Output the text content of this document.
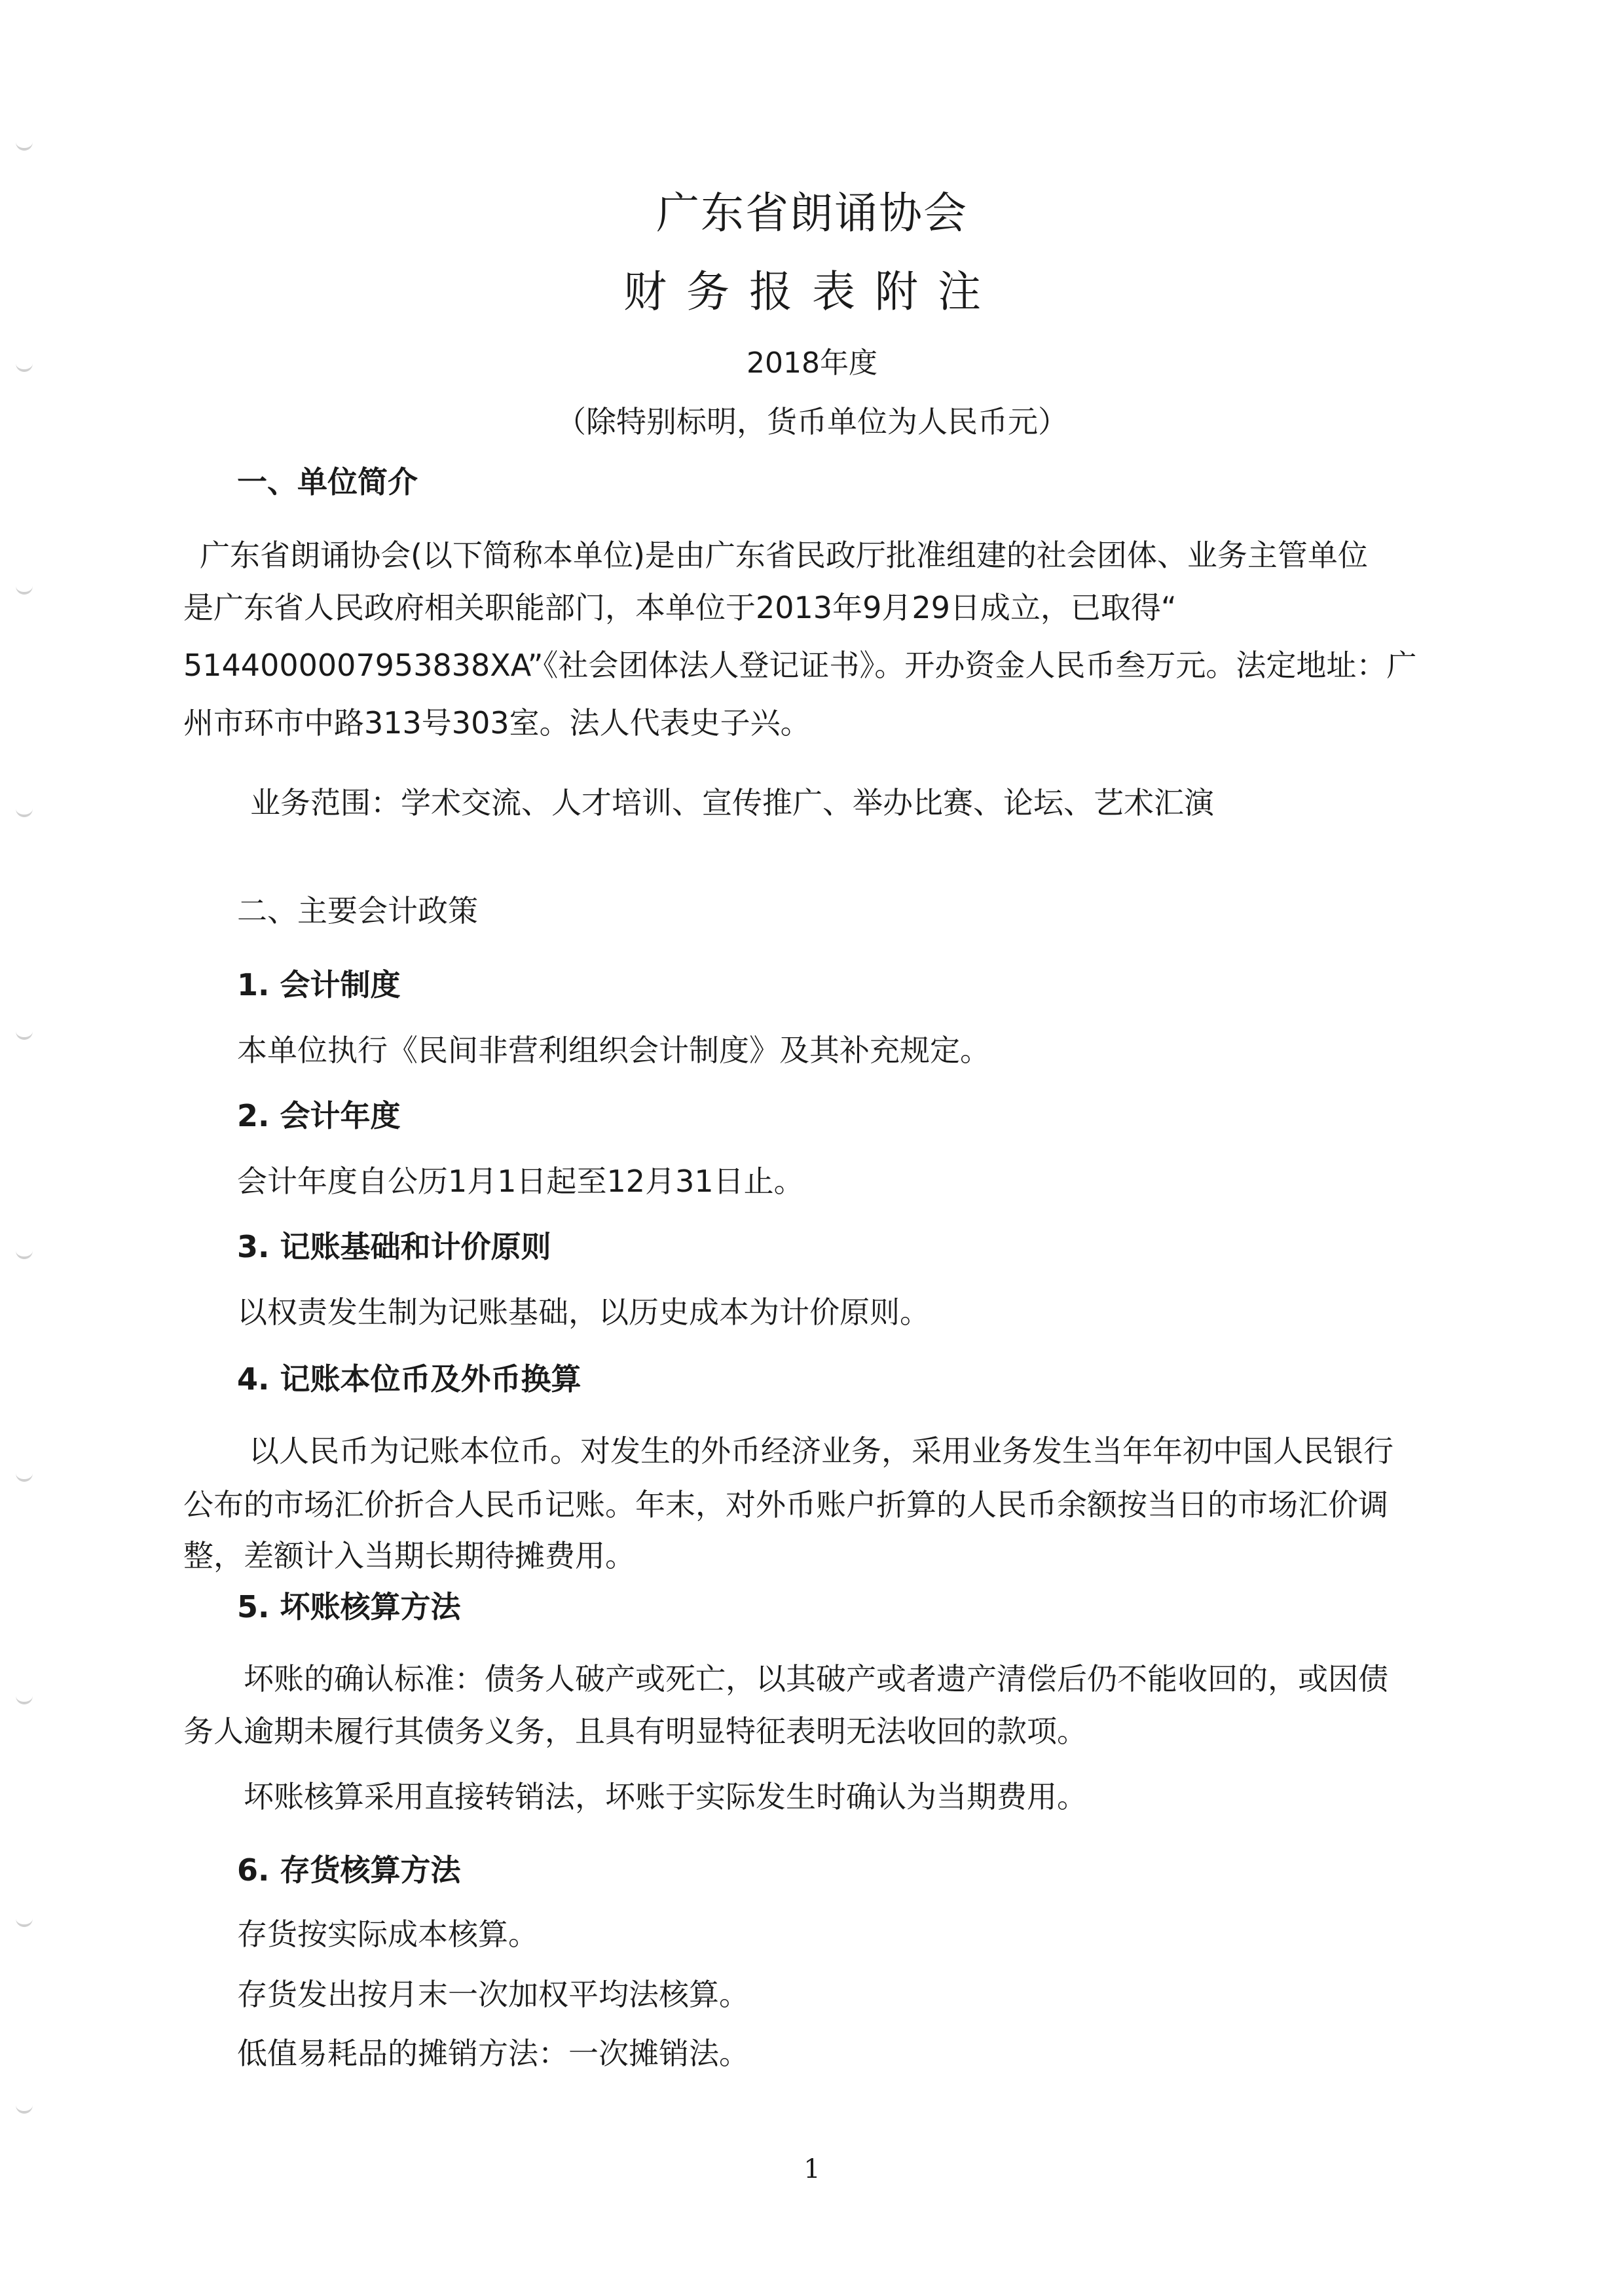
广东省朗诵协会
财务报表附注
2018年度
（除特别标明，货币单位为人民币元）
一、单位简介
广东省朗诵协会(以下简称本单位)是由广东省民政厅批准组建的社会团体、业务主管单位
是广东省人民政府相关职能部门，本单位于2013年9月29日成立，已取得“
5144000007953838XA”《社会团体法人登记证书》。开办资金人民币叁万元。法定地址：广
州市环市中路313号303室。法人代表史子兴。
业务范围：学术交流、人才培训、宣传推广、举办比赛、论坛、艺术汇演
二、主要会计政策
1. 会计制度
本单位执行《民间非营利组织会计制度》及其补充规定。
2. 会计年度
会计年度自公历1月1日起至12月31日止。
3. 记账基础和计价原则
以权责发生制为记账基础，以历史成本为计价原则。
4. 记账本位币及外币换算
以人民币为记账本位币。对发生的外币经济业务，采用业务发生当年年初中国人民银行
公布的市场汇价折合人民币记账。年末，对外币账户折算的人民币余额按当日的市场汇价调
整，差额计入当期长期待摊费用。
5. 坏账核算方法
坏账的确认标准：债务人破产或死亡，以其破产或者遗产清偿后仍不能收回的，或因债
务人逾期未履行其债务义务，且具有明显特征表明无法收回的款项。
坏账核算采用直接转销法，坏账于实际发生时确认为当期费用。
6. 存货核算方法
存货按实际成本核算。
存货发出按月末一次加权平均法核算。
低值易耗品的摊销方法：一次摊销法。
1
